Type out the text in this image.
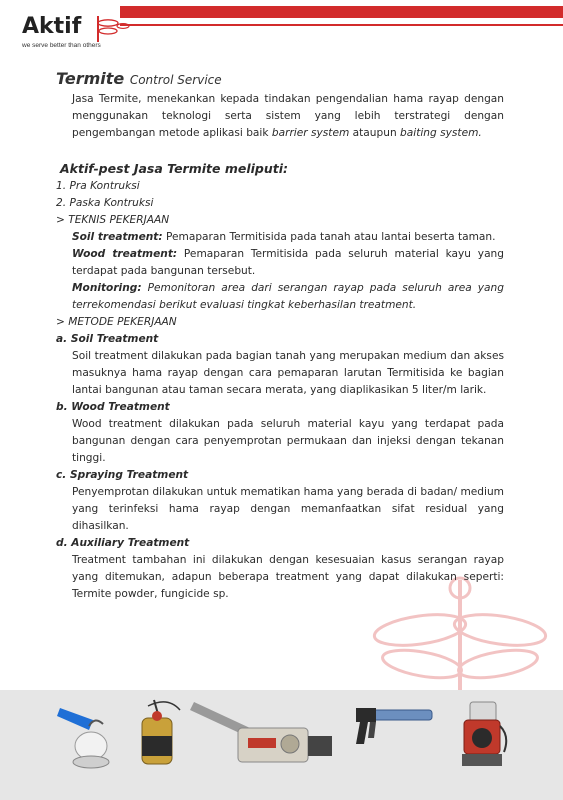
Aktif
we serve better than others
Termite Control Service

Jasa Termite, menekankan kepada tindakan pengendalian hama rayap dengan menggunakan teknologi serta sistem yang lebih terstrategi dengan pengembangan metode aplikasi baik barrier system ataupun baiting system.

Aktif-pest Jasa Termite meliputi:
1. Pra Kontruksi
2. Paska Kontruksi
> TEKNIS PEKERJAAN

Soil treatment: Pemaparan Termitisida pada tanah atau lantai beserta taman.

Wood treatment: Pemaparan Termitisida pada seluruh material kayu yang terdapat pada bangunan tersebut.

Monitoring: Pemonitoran area dari serangan rayap pada seluruh area yang terrekomendasi berikut evaluasi tingkat keberhasilan treatment.

> METODE PEKERJAAN
a. Soil Treatment

Soil treatment dilakukan pada bagian tanah yang merupakan medium dan akses masuknya hama rayap dengan cara pemaparan larutan Termitisida ke bagian lantai bangunan atau taman secara merata, yang diaplikasikan 5 liter/m larik.

b. Wood Treatment

Wood treatment dilakukan pada seluruh material kayu yang terdapat pada bangunan dengan cara penyemprotan permukaan dan injeksi dengan tekanan tinggi.

c. Spraying Treatment

Penyemprotan dilakukan untuk mematikan hama yang berada di badan/ medium yang terinfeksi hama rayap dengan memanfaatkan sifat residual yang dihasilkan.

d. Auxiliary Treatment

Treatment tambahan ini dilakukan dengan kesesuaian kasus serangan rayap yang ditemukan, adapun beberapa treatment yang dapat dilakukan seperti: Termite powder, fungicide sp.
